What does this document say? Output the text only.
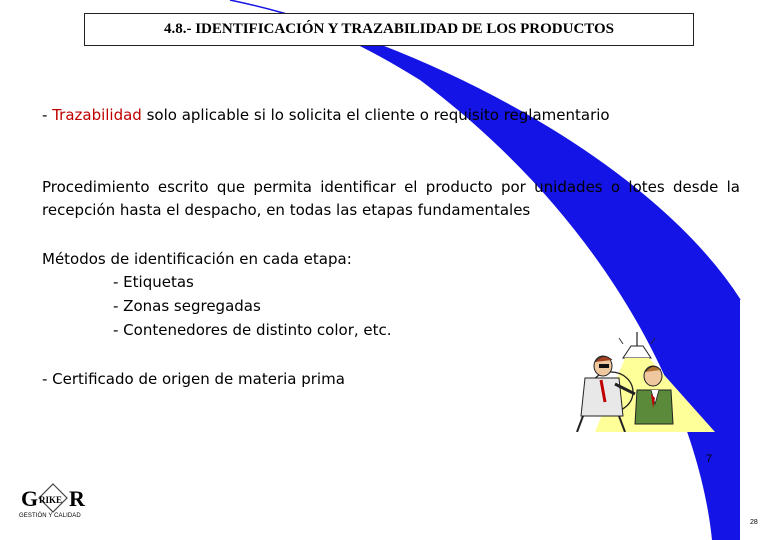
4.8.- IDENTIFICACIÓN Y TRAZABILIDAD DE LOS PRODUCTOS
- Trazabilidad solo aplicable si lo solicita el cliente o requisito reglamentario
Procedimiento escrito que permita identificar el producto por unidades o lotes desde la recepción hasta el despacho, en todas las etapas fundamentales
Métodos de identificación en cada etapa:
- Etiquetas
- Zonas segregadas
- Contenedores de distinto color, etc.
- Certificado de origen de materia prima
7
G RIKE R
GESTIÓN Y CALIDAD
28
